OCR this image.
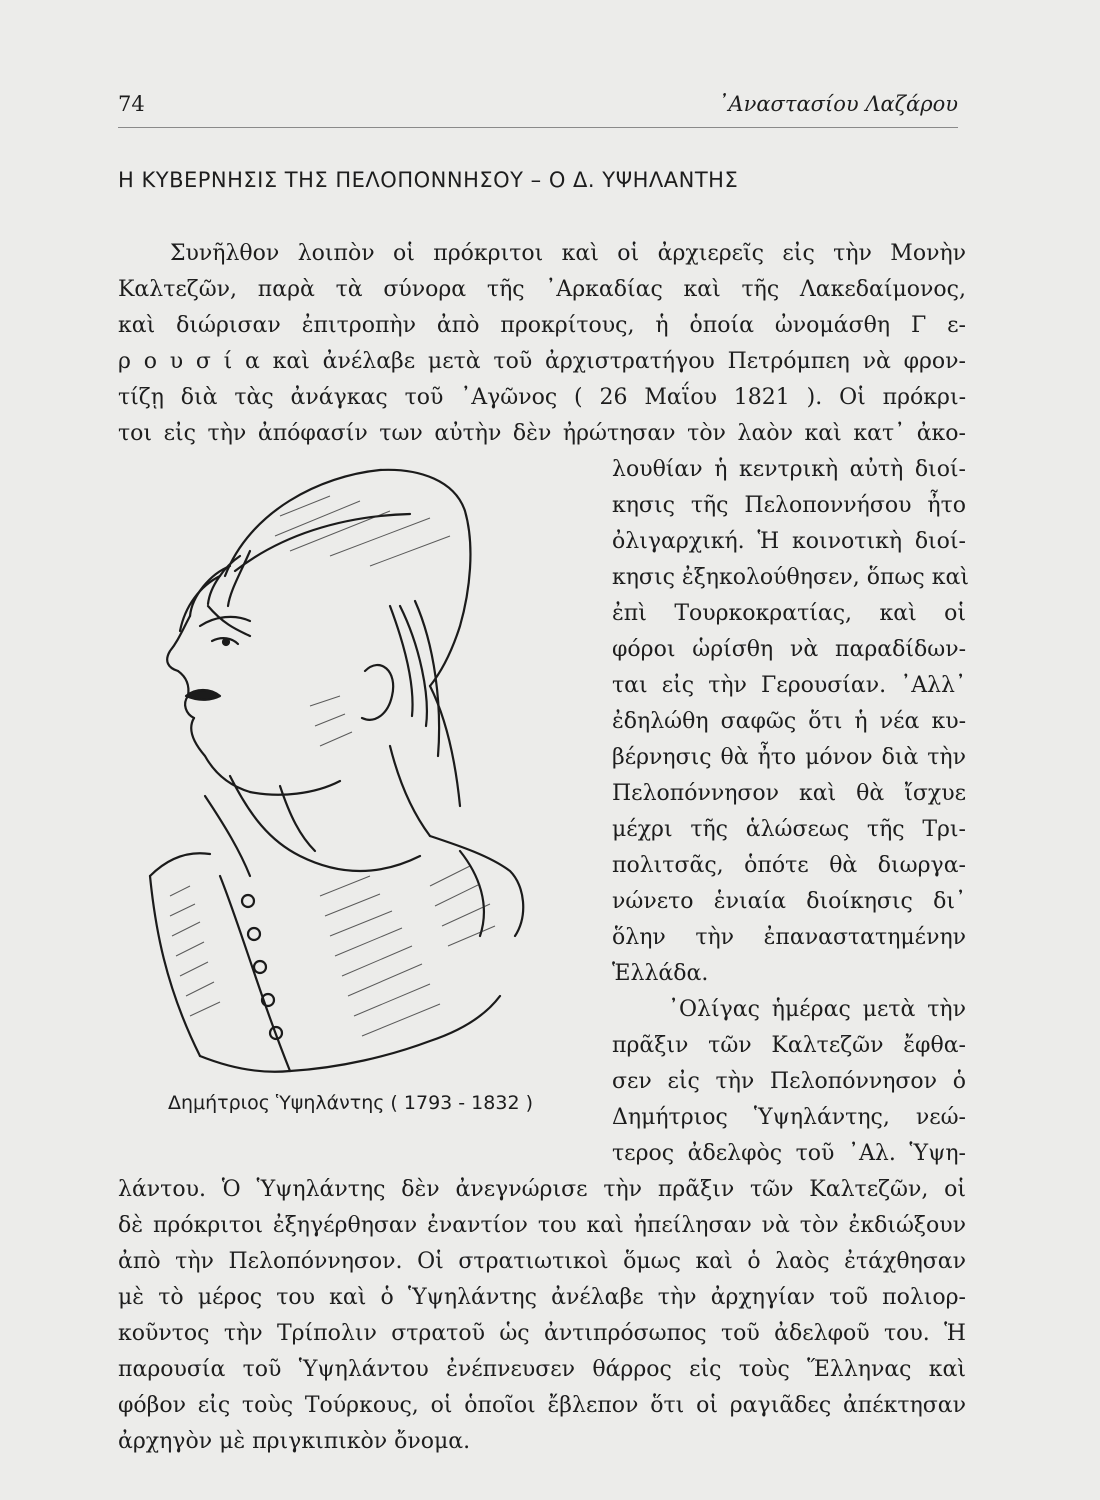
74	᾿Αναστασίου Λαζάρου
Η ΚΥΒΕΡΝΗΣΙΣ ΤΗΣ ΠΕΛΟΠΟΝΝΗΣΟΥ – Ο Δ. ΥΨΗΛΑΝΤΗΣ
Συνῆλθον λοιπὸν οἱ πρόκριτοι καὶ οἱ ἀρχιερεῖς εἰς τὴν Μονὴν
Καλτεζῶν, παρὰ τὰ σύνορα τῆς ᾿Αρκαδίας καὶ τῆς Λακεδαίμονος,
καὶ διώρισαν ἐπιτροπὴν ἀπὸ προκρίτους, ἡ ὁποία ὠνομάσθη Γ ε-
ρ ο υ σ ί α καὶ ἀνέλαβε μετὰ τοῦ ἀρχιστρατήγου Πετρόμπεη νὰ φρον-
τίζῃ διὰ τὰς ἀνάγκας τοῦ ᾿Αγῶνος ( 26 Μαΐου 1821 ). Οἱ πρόκρι-
τοι εἰς τὴν ἀπόφασίν των αὐτὴν δὲν ἠρώτησαν τὸν λαὸν καὶ κατ᾿ ἀκο-
λουθίαν ἡ κεντρικὴ αὐτὴ διοί-
κησις τῆς Πελοποννήσου ἦτο
ὀλιγαρχική. Ἡ κοινοτικὴ διοί-
κησις ἐξηκολούθησεν, ὅπως καὶ
ἐπὶ Τουρκοκρατίας, καὶ οἱ
φόροι ὡρίσθη νὰ παραδίδων-
ται εἰς τὴν Γερουσίαν. ᾿Αλλ᾿
ἐδηλώθη σαφῶς ὅτι ἡ νέα κυ-
βέρνησις θὰ ἦτο μόνον διὰ τὴν
Πελοπόννησον καὶ θὰ ἴσχυε
μέχρι τῆς ἁλώσεως τῆς Τρι-
πολιτσᾶς, ὁπότε θὰ διωργα-
νώνετο ἑνιαία διοίκησις δι᾿
ὅλην τὴν ἐπαναστατημένην
Ἑλλάδα.
᾿Ολίγας ἡμέρας μετὰ τὴν
πρᾶξιν τῶν Καλτεζῶν ἔφθα-
σεν εἰς τὴν Πελοπόννησον ὁ
Δημήτριος Ὑψηλάντης, νεώ-
τερος ἀδελφὸς τοῦ ᾿Αλ. Ὑψη-
λάντου. Ὁ Ὑψηλάντης δὲν ἀνεγνώρισε τὴν πρᾶξιν τῶν Καλτεζῶν, οἱ
δὲ πρόκριτοι ἐξηγέρθησαν ἐναντίον του καὶ ἠπείλησαν νὰ τὸν ἐκδιώξουν
ἀπὸ τὴν Πελοπόννησον. Οἱ στρατιωτικοὶ ὅμως καὶ ὁ λαὸς ἐτάχθησαν
μὲ τὸ μέρος του καὶ ὁ Ὑψηλάντης ἀνέλαβε τὴν ἀρχηγίαν τοῦ πολιορ-
κοῦντος τὴν Τρίπολιν στρατοῦ ὡς ἀντιπρόσωπος τοῦ ἀδελφοῦ του. Ἡ
παρουσία τοῦ Ὑψηλάντου ἐνέπνευσεν θάρρος εἰς τοὺς Ἕλληνας καὶ
φόβον εἰς τοὺς Τούρκους, οἱ ὁποῖοι ἔβλεπον ὅτι οἱ ραγιᾶδες ἀπέκτησαν
ἀρχηγὸν μὲ πριγκιπικὸν ὄνομα.
Δημήτριος Ὑψηλάντης ( 1793 - 1832 )
